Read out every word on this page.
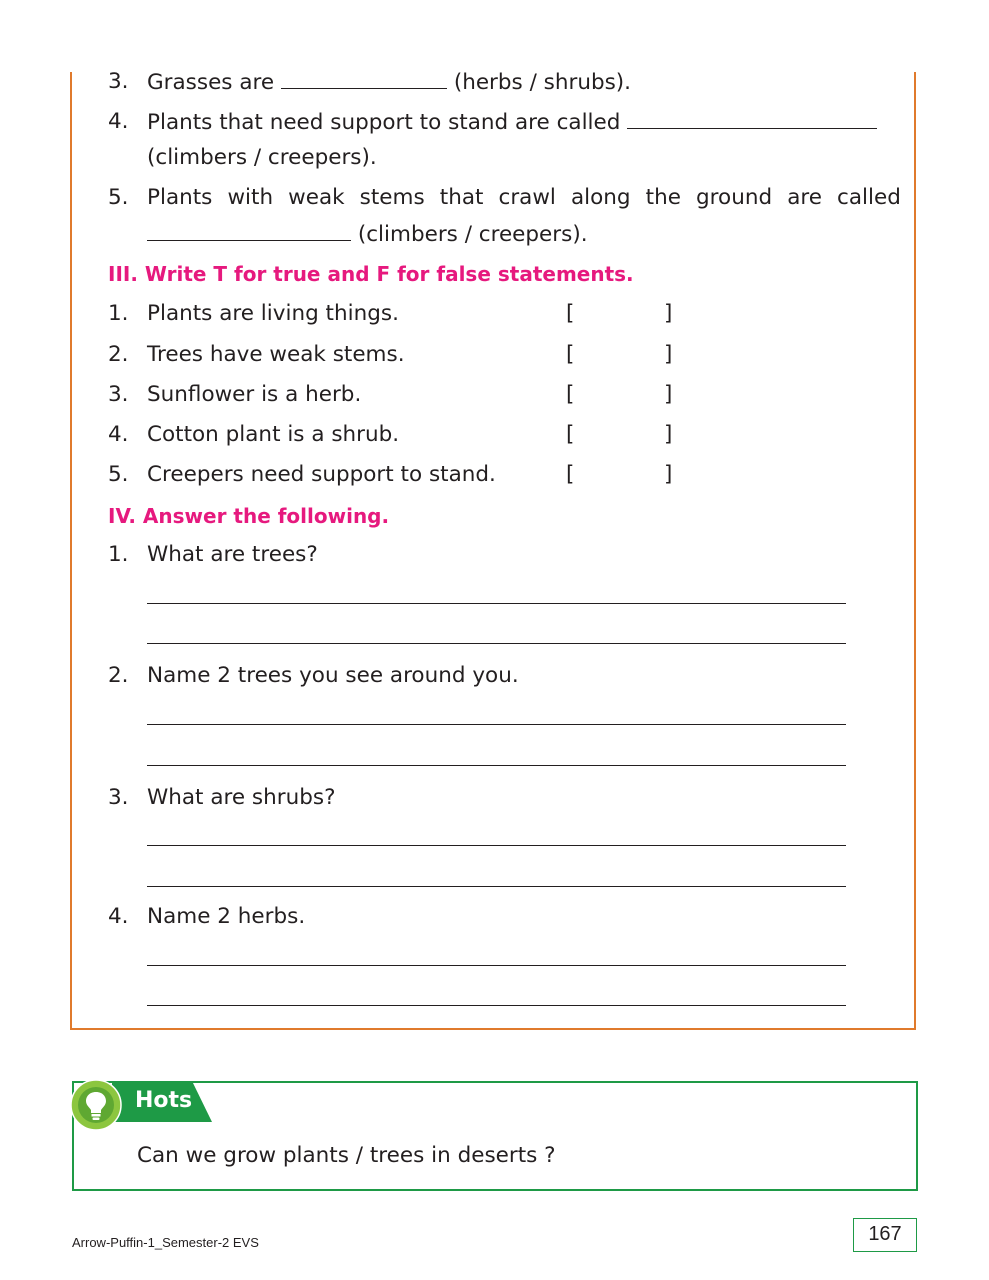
3. Grasses are	(herbs / shrubs).
4. Plants that need support to stand are called
(climbers / creepers).
5. Plants with weak stems that crawl along the ground are called
(climbers / creepers).
III. Write T for true and F for false statements.
1. Plants are living things.	[	]
2. Trees have weak stems.	[	]
3. Sunflower is a herb.	[	]
4. Cotton plant is a shrub.	[	]
5. Creepers need support to stand.	[	]
IV. Answer the following.
1. What are trees?
2. Name 2 trees you see around you.
3. What are shrubs?
4. Name 2 herbs.
Hots
Can we grow plants / trees in deserts ?
Arrow-Puffin-1_Semester-2 EVS	167
